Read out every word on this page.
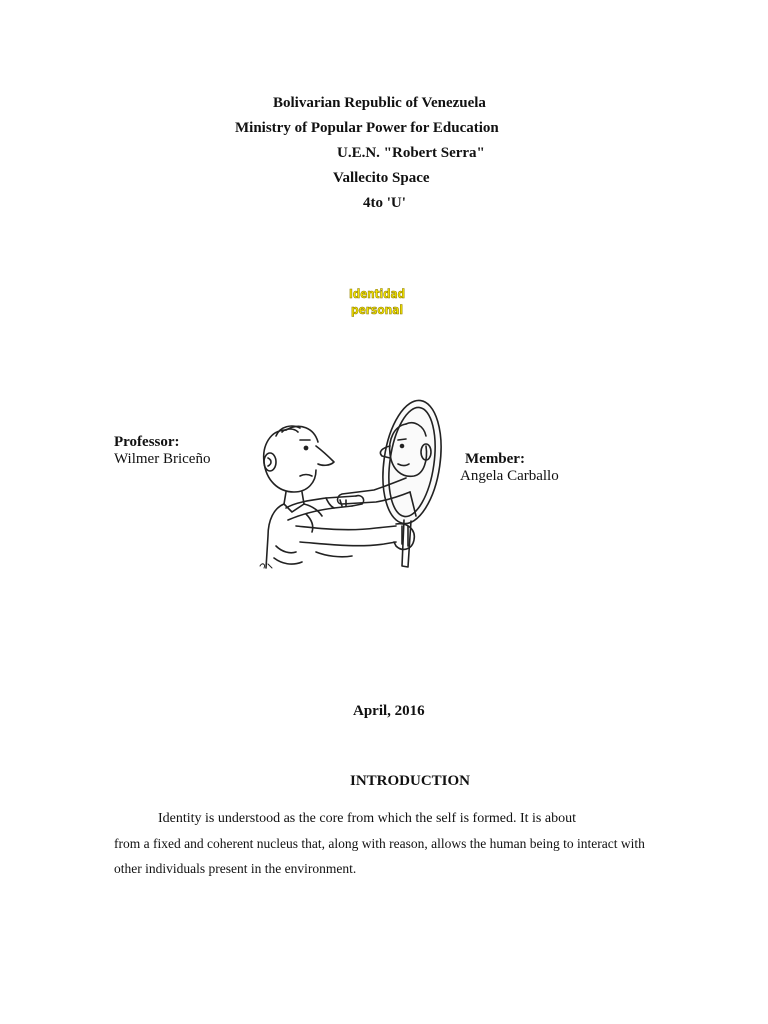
Bolivarian Republic of Venezuela
Ministry of Popular Power for Education
U.E.N. "Robert Serra"
Vallecito Space
4to 'U'
Identidad
personal
Professor:
Wilmer Briceño	Member:
Angela Carballo
April, 2016
INTRODUCTION
Identity is understood as the core from which the self is formed. It is about
from a fixed and coherent nucleus that, along with reason, allows the human being to interact with
other individuals present in the environment.
